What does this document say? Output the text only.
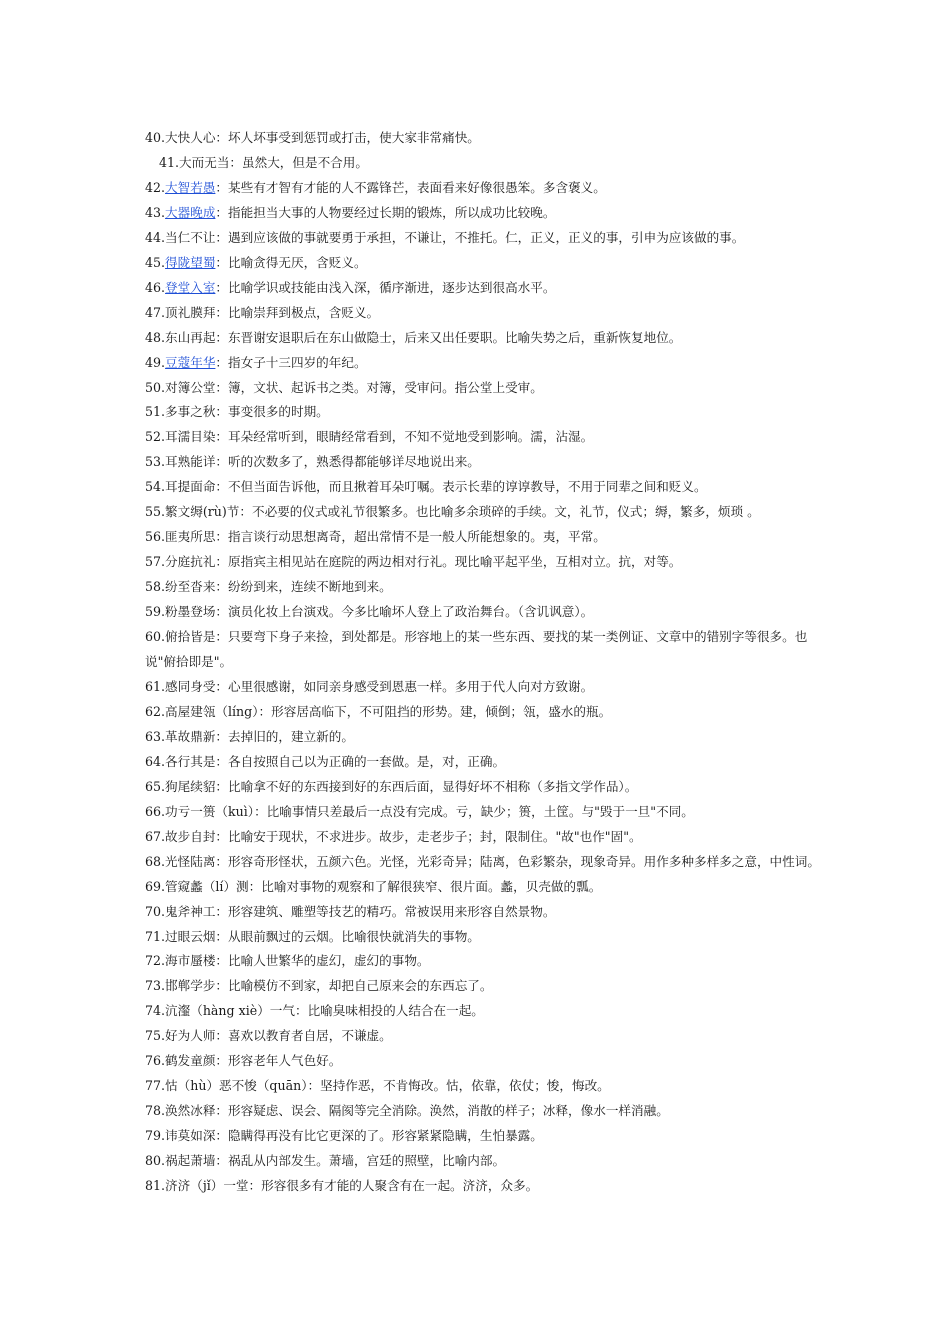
40.大快人心：坏人坏事受到惩罚或打击，使大家非常痛快。
41.大而无当：虽然大，但是不合用。
42.大智若愚：某些有才智有才能的人不露锋芒，表面看来好像很愚笨。多含褒义。
43.大器晚成：指能担当大事的人物要经过长期的锻炼，所以成功比较晚。
44.当仁不让：遇到应该做的事就要勇于承担，不谦让，不推托。仁，正义，正义的事，引申为应该做的事。
45.得陇望蜀：比喻贪得无厌，含贬义。
46.登堂入室：比喻学识或技能由浅入深，循序渐进，逐步达到很高水平。
47.顶礼膜拜：比喻崇拜到极点，含贬义。
48.东山再起：东晋谢安退职后在东山做隐士，后来又出任要职。比喻失势之后，重新恢复地位。
49.豆蔻年华：指女子十三四岁的年纪。
50.对簿公堂：簿，文状、起诉书之类。对簿，受审问。指公堂上受审。
51.多事之秋：事变很多的时期。
52.耳濡目染：耳朵经常听到，眼睛经常看到，不知不觉地受到影响。濡，沾湿。
53.耳熟能详：听的次数多了，熟悉得都能够详尽地说出来。
54.耳提面命：不但当面告诉他，而且揪着耳朵叮嘱。表示长辈的谆谆教导，不用于同辈之间和贬义。
55.繁文缛(rù)节：不必要的仪式或礼节很繁多。也比喻多余琐碎的手续。文，礼节，仪式；缛，繁多，烦琐 。
56.匪夷所思：指言谈行动思想离奇，超出常情不是一般人所能想象的。夷，平常。
57.分庭抗礼：原指宾主相见站在庭院的两边相对行礼。现比喻平起平坐，互相对立。抗，对等。
58.纷至沓来：纷纷到来，连续不断地到来。
59.粉墨登场：演员化妆上台演戏。今多比喻坏人登上了政治舞台。（含讥讽意）。
60.俯拾皆是：只要弯下身子来捡，到处都是。形容地上的某一些东西、要找的某一类例证、文章中的错别字等很多。也说"俯拾即是"。
61.感同身受：心里很感谢，如同亲身感受到恩惠一样。多用于代人向对方致谢。
62.高屋建瓴（líng）：形容居高临下，不可阻挡的形势。建，倾倒；瓴，盛水的瓶。
63.革故鼎新：去掉旧的，建立新的。
64.各行其是：各自按照自己以为正确的一套做。是，对，正确。
65.狗尾续貂：比喻拿不好的东西接到好的东西后面，显得好坏不相称（多指文学作品）。
66.功亏一篑（kuì）：比喻事情只差最后一点没有完成。亏，缺少；篑，土筐。与"毁于一旦"不同。
67.故步自封：比喻安于现状，不求进步。故步，走老步子；封，限制住。"故"也作"固"。
68.光怪陆离：形容奇形怪状，五颜六色。光怪，光彩奇异；陆离，色彩繁杂，现象奇异。用作多种多样多之意，中性词。
69.管窥蠡（lí）测：比喻对事物的观察和了解很狭窄、很片面。蠡，贝壳做的瓢。
70.鬼斧神工：形容建筑、雕塑等技艺的精巧。常被误用来形容自然景物。
71.过眼云烟：从眼前飘过的云烟。比喻很快就消失的事物。
72.海市蜃楼：比喻人世繁华的虚幻，虚幻的事物。
73.邯郸学步：比喻模仿不到家，却把自己原来会的东西忘了。
74.沆瀣（hàng xiè）一气：比喻臭味相投的人结合在一起。
75.好为人师：喜欢以教育者自居，不谦虚。
76.鹤发童颜：形容老年人气色好。
77.怙（hù）恶不悛（quān）：坚持作恶，不肯悔改。怙，依靠，依仗；悛，悔改。
78.涣然冰释：形容疑虑、误会、隔阂等完全消除。涣然，消散的样子；冰释，像水一样消融。
79.讳莫如深：隐瞒得再没有比它更深的了。形容紧紧隐瞒，生怕暴露。
80.祸起萧墙：祸乱从内部发生。萧墙，宫廷的照壁，比喻内部。
81.济济（jǐ）一堂：形容很多有才能的人聚含有在一起。济济，众多。
